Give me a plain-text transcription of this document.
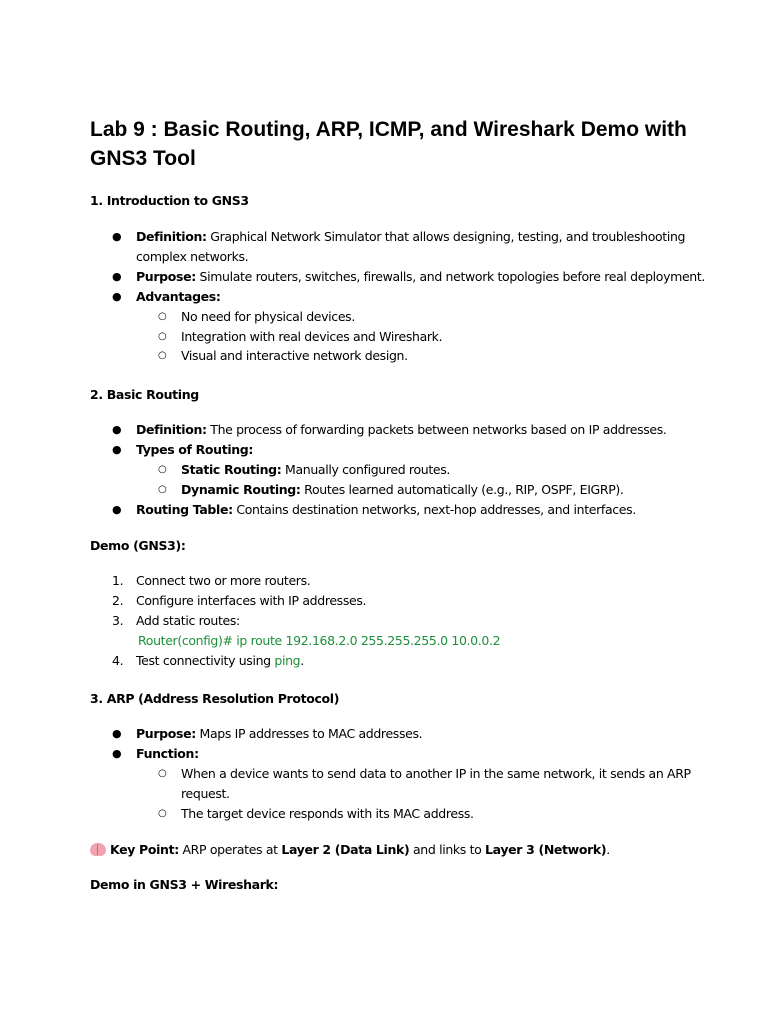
Lab 9 : Basic Routing, ARP, ICMP, and Wireshark Demo with GNS3 Tool
1. Introduction to GNS3
● Definition: Graphical Network Simulator that allows designing, testing, and troubleshooting
complex networks.
● Purpose: Simulate routers, switches, firewalls, and network topologies before real deployment.
● Advantages:
○ No need for physical devices.
○ Integration with real devices and Wireshark.
○ Visual and interactive network design.
2. Basic Routing
● Definition: The process of forwarding packets between networks based on IP addresses.
● Types of Routing:
○ Static Routing: Manually configured routes.
○ Dynamic Routing: Routes learned automatically (e.g., RIP, OSPF, EIGRP).
● Routing Table: Contains destination networks, next-hop addresses, and interfaces.
Demo (GNS3):
1. Connect two or more routers.
2. Configure interfaces with IP addresses.
3. Add static routes:
Router(config)# ip route 192.168.2.0 255.255.255.0 10.0.0.2
4. Test connectivity using ping.
3. ARP (Address Resolution Protocol)
● Purpose: Maps IP addresses to MAC addresses.
● Function:
○ When a device wants to send data to another IP in the same network, it sends an ARP
request.
○ The target device responds with its MAC address.
Key Point: ARP operates at Layer 2 (Data Link) and links to Layer 3 (Network).
Demo in GNS3 + Wireshark:
